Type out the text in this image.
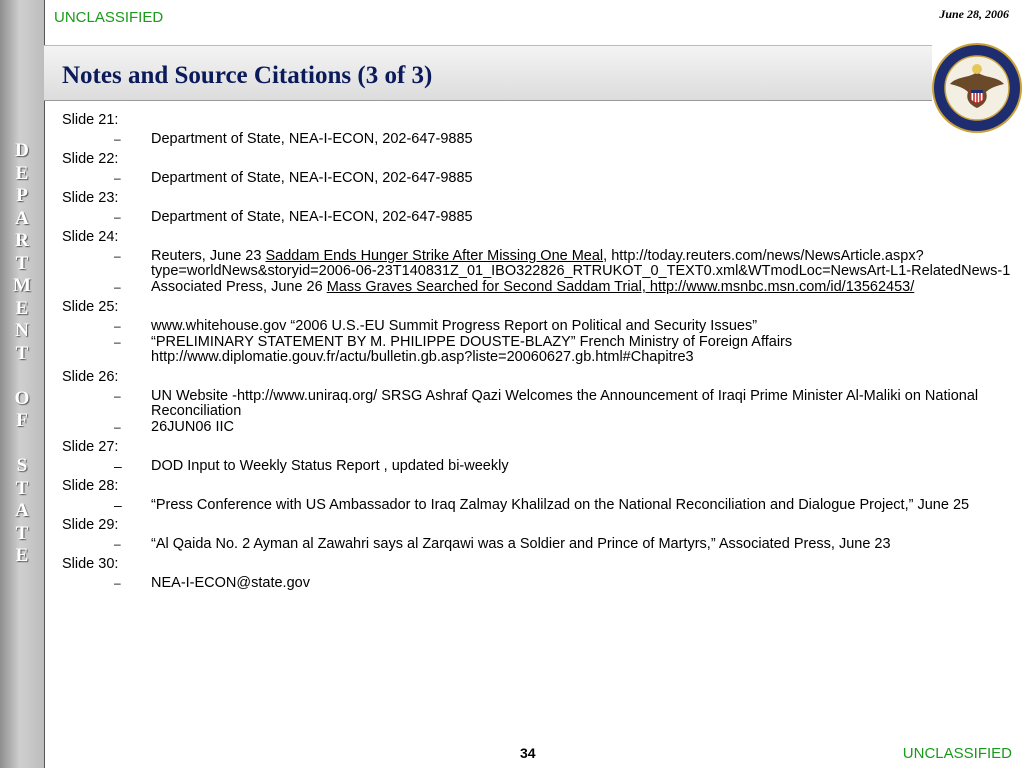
D
E
P
A
R
T
M
E
N
T

O
F

S
T
A
T
E
UNCLASSIFIED	June 28, 2006
Notes and Source Citations (3 of 3)
Slide 21:
– Department of State, NEA-I-ECON, 202-647-9885
Slide 22:
– Department of State, NEA-I-ECON, 202-647-9885
Slide 23:
– Department of State, NEA-I-ECON, 202-647-9885
Slide 24:
– Reuters, June 23 Saddam Ends Hunger Strike After Missing One Meal, http://today.reuters.com/news/NewsArticle.aspx?type=worldNews&storyid=2006-06-23T140831Z_01_IBO322826_RTRUKOT_0_TEXT0.xml&WTmodLoc=NewsArt-L1-RelatedNews-1
– Associated Press, June 26 Mass Graves Searched for Second Saddam Trial, http://www.msnbc.msn.com/id/13562453/
Slide 25:
– www.whitehouse.gov “2006 U.S.-EU Summit Progress Report on Political and Security Issues”
– “PRELIMINARY STATEMENT BY M. PHILIPPE DOUSTE-BLAZY” French Ministry of Foreign Affairs http://www.diplomatie.gouv.fr/actu/bulletin.gb.asp?liste=20060627.gb.html#Chapitre3
Slide 26:
– UN Website -http://www.uniraq.org/ SRSG Ashraf Qazi Welcomes the Announcement of Iraqi Prime Minister Al-Maliki on National Reconciliation
– 26JUN06 IIC
Slide 27:
– DOD Input to Weekly Status Report , updated bi-weekly
Slide 28:
– “Press Conference with US Ambassador to Iraq Zalmay Khalilzad on the National Reconciliation and Dialogue Project,” June 25
Slide 29:
– “Al Qaida No. 2 Ayman al Zawahri says al Zarqawi was a Soldier and Prince of Martyrs,” Associated Press, June 23
Slide 30:
– NEA-I-ECON@state.gov
34	UNCLASSIFIED
